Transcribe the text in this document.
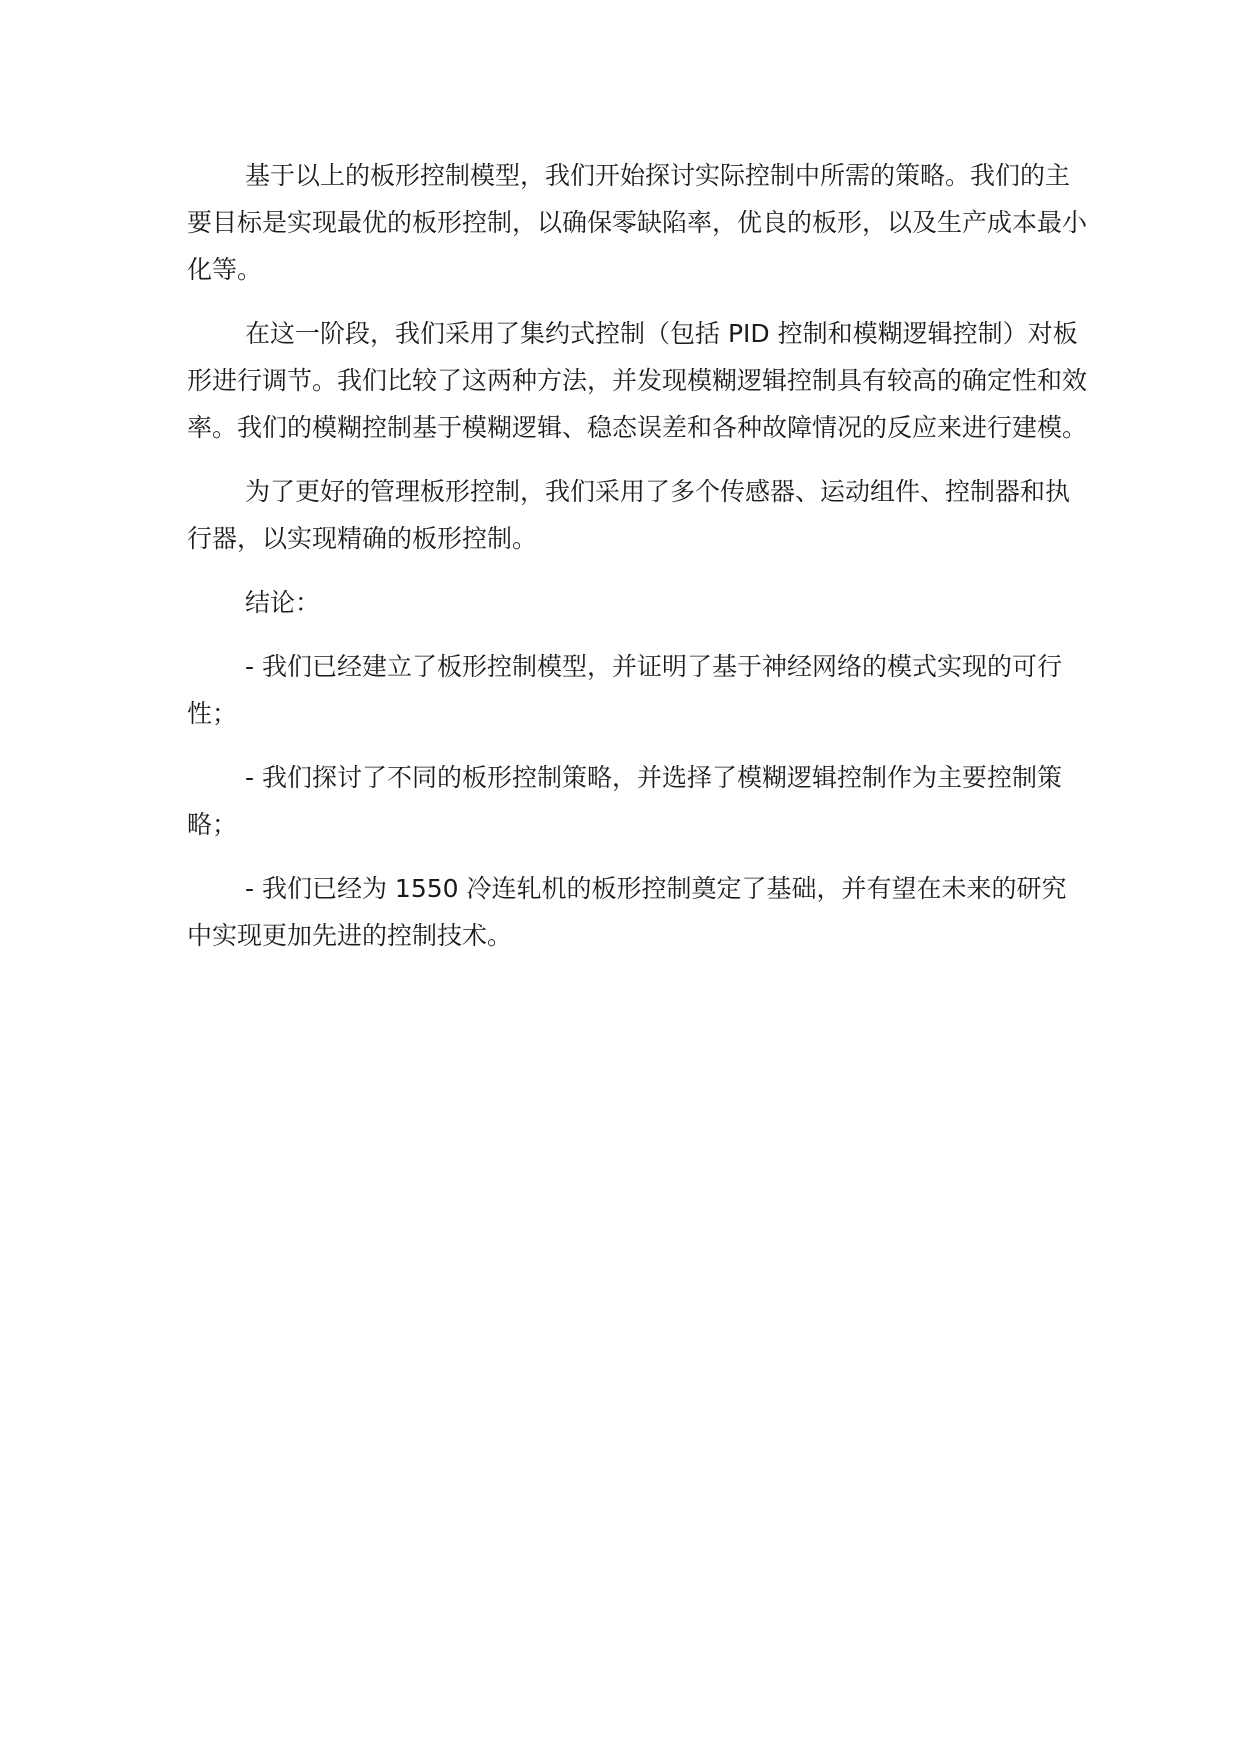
基于以上的板形控制模型，我们开始探讨实际控制中所需的策略。我们的主要目标是实现最优的板形控制，以确保零缺陷率，优良的板形，以及生产成本最小化等。

在这一阶段，我们采用了集约式控制（包括 PID 控制和模糊逻辑控制）对板形进行调节。我们比较了这两种方法，并发现模糊逻辑控制具有较高的确定性和效率。我们的模糊控制基于模糊逻辑、稳态误差和各种故障情况的反应来进行建模。

为了更好的管理板形控制，我们采用了多个传感器、运动组件、控制器和执行器，以实现精确的板形控制。

结论：

- 我们已经建立了板形控制模型，并证明了基于神经网络的模式实现的可行性；

- 我们探讨了不同的板形控制策略，并选择了模糊逻辑控制作为主要控制策略；

- 我们已经为 1550 冷连轧机的板形控制奠定了基础，并有望在未来的研究中实现更加先进的控制技术。
